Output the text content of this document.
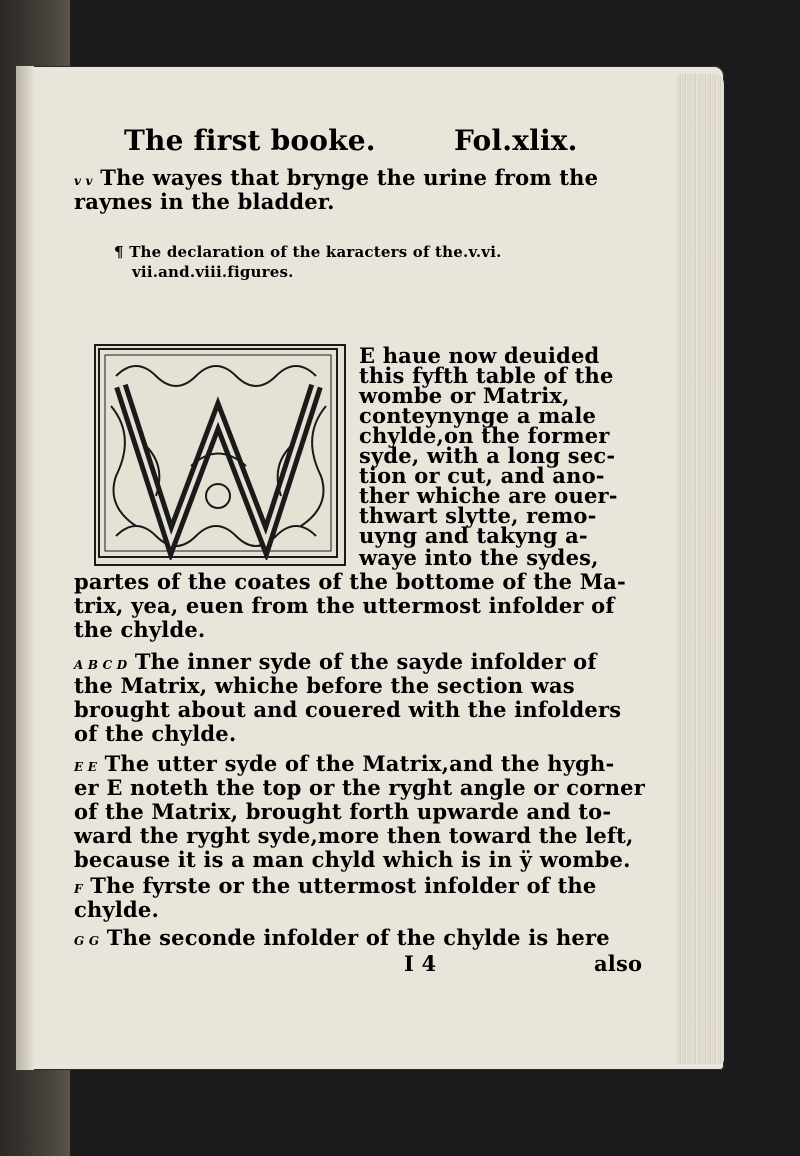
The first booke.	Fol.xlix.
v v The wayes that bryngе the urine from the
raynes in the bladder.
¶ The declaration of the karacters of the.v.vi.
vii.and.viii.figures.
E haue now deuided
this fyfth table of the
wombe or Matrix,
conteynynge a male
chylde,on the former
syde, with a long sec-
tion or cut, and ano-
ther whiche are ouer-
thwart slytte, remo-
uyng and takyng a-
waye into the sydes,
partes of the coates of the bottome of the Ma-
trix, yea, euen from the uttermost infolder of
the chylde.
A B C D The inner syde of the sayde infolder of
the Matrix, whiche before the section was
brought about and couered with the infolders
of the chylde.
E E The utter syde of the Matrix,and the hygh-
er E noteth the top or the ryght angle or corner
of the Matrix, brought forth upwarde and to-
ward the ryght syde,more then toward the left,
because it is a man chyld which is in ÿ wombe.
F The fyrste or the uttermost infolder of the
chylde.
G G The seconde infolder of the chylde is here
I 4	also
